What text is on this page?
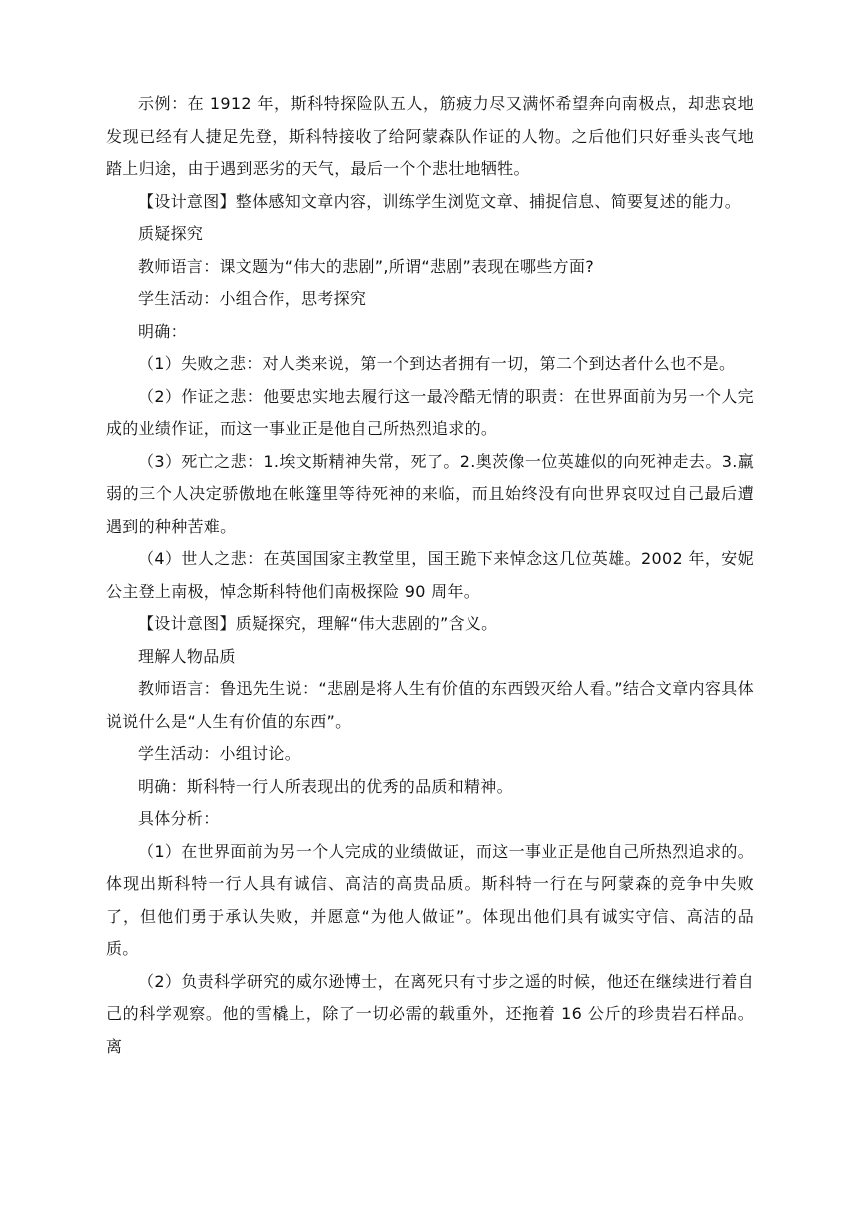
示例：在 1912 年，斯科特探险队五人，筋疲力尽又满怀希望奔向南极点，却悲哀地发现已经有人捷足先登，斯科特接收了给阿蒙森队作证的人物。之后他们只好垂头丧气地踏上归途，由于遇到恶劣的天气，最后一个个悲壮地牺牲。

【设计意图】整体感知文章内容，训练学生浏览文章、捕捉信息、简要复述的能力。

质疑探究

教师语言：课文题为“伟大的悲剧”,所谓“悲剧”表现在哪些方面?

学生活动：小组合作，思考探究

明确：

（1）失败之悲：对人类来说，第一个到达者拥有一切，第二个到达者什么也不是。

（2）作证之悲：他要忠实地去履行这一最冷酷无情的职责：在世界面前为另一个人完成的业绩作证，而这一事业正是他自己所热烈追求的。

（3）死亡之悲：1.埃文斯精神失常，死了。2.奥茨像一位英雄似的向死神走去。3.羸弱的三个人决定骄傲地在帐篷里等待死神的来临，而且始终没有向世界哀叹过自己最后遭遇到的种种苦难。

（4）世人之悲：在英国国家主教堂里，国王跪下来悼念这几位英雄。2002 年，安妮公主登上南极，悼念斯科特他们南极探险 90 周年。

【设计意图】质疑探究，理解“伟大悲剧的”含义。

理解人物品质

教师语言：鲁迅先生说：“悲剧是将人生有价值的东西毁灭给人看。”结合文章内容具体说说什么是“人生有价值的东西”。

学生活动：小组讨论。

明确：斯科特一行人所表现出的优秀的品质和精神。

具体分析：

（1）在世界面前为另一个人完成的业绩做证，而这一事业正是他自己所热烈追求的。体现出斯科特一行人具有诚信、高洁的高贵品质。斯科特一行在与阿蒙森的竞争中失败了，但他们勇于承认失败，并愿意“为他人做证”。体现出他们具有诚实守信、高洁的品质。

（2）负责科学研究的威尔逊博士，在离死只有寸步之遥的时候，他还在继续进行着自己的科学观察。他的雪橇上，除了一切必需的载重外，还拖着 16 公斤的珍贵岩石样品。离
